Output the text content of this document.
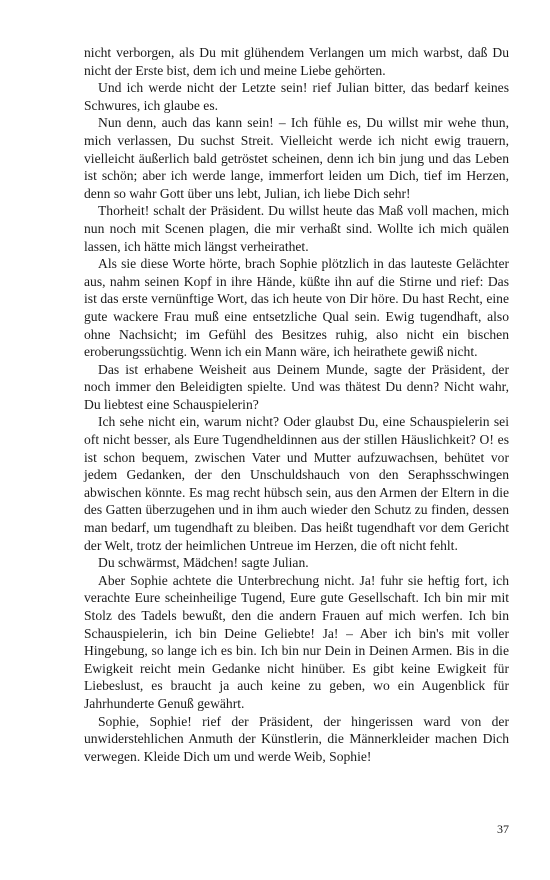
nicht verborgen, als Du mit glühendem Verlangen um mich warbst, daß Du nicht der Erste bist, dem ich und meine Liebe gehörten.

Und ich werde nicht der Letzte sein! rief Julian bitter, das bedarf keines Schwures, ich glaube es.

Nun denn, auch das kann sein! – Ich fühle es, Du willst mir wehe thun, mich verlassen, Du suchst Streit. Vielleicht werde ich nicht ewig trauern, vielleicht äußerlich bald getröstet scheinen, denn ich bin jung und das Leben ist schön; aber ich werde lange, immerfort leiden um Dich, tief im Herzen, denn so wahr Gott über uns lebt, Julian, ich liebe Dich sehr!

Thorheit! schalt der Präsident. Du willst heute das Maß voll machen, mich nun noch mit Scenen plagen, die mir verhaßt sind. Wollte ich mich quälen lassen, ich hätte mich längst verheirathet.

Als sie diese Worte hörte, brach Sophie plötzlich in das lauteste Gelächter aus, nahm seinen Kopf in ihre Hände, küßte ihn auf die Stirne und rief: Das ist das erste vernünftige Wort, das ich heute von Dir höre. Du hast Recht, eine gute wackere Frau muß eine entsetzliche Qual sein. Ewig tugendhaft, also ohne Nachsicht; im Gefühl des Besitzes ruhig, also nicht ein bischen eroberungssüchtig. Wenn ich ein Mann wäre, ich heirathete gewiß nicht.

Das ist erhabene Weisheit aus Deinem Munde, sagte der Präsident, der noch immer den Beleidigten spielte. Und was thätest Du denn? Nicht wahr, Du liebtest eine Schauspielerin?

Ich sehe nicht ein, warum nicht? Oder glaubst Du, eine Schauspielerin sei oft nicht besser, als Eure Tugendheldinnen aus der stillen Häuslichkeit? O! es ist schon bequem, zwischen Vater und Mutter aufzuwachsen, behütet vor jedem Gedanken, der den Unschuldshauch von den Seraphsschwingen abwischen könnte. Es mag recht hübsch sein, aus den Armen der Eltern in die des Gatten überzugehen und in ihm auch wieder den Schutz zu finden, dessen man bedarf, um tugendhaft zu bleiben. Das heißt tugendhaft vor dem Gericht der Welt, trotz der heimlichen Untreue im Herzen, die oft nicht fehlt.

Du schwärmst, Mädchen! sagte Julian.

Aber Sophie achtete die Unterbrechung nicht. Ja! fuhr sie heftig fort, ich verachte Eure scheinheilige Tugend, Eure gute Gesellschaft. Ich bin mir mit Stolz des Tadels bewußt, den die andern Frauen auf mich werfen. Ich bin Schauspielerin, ich bin Deine Geliebte! Ja! – Aber ich bin's mit voller Hingebung, so lange ich es bin. Ich bin nur Dein in Deinen Armen. Bis in die Ewigkeit reicht mein Gedanke nicht hinüber. Es gibt keine Ewigkeit für Liebeslust, es braucht ja auch keine zu geben, wo ein Augenblick für Jahrhunderte Genuß gewährt.

Sophie, Sophie! rief der Präsident, der hingerissen ward von der unwiderstehlichen Anmuth der Künstlerin, die Männerkleider machen Dich verwegen. Kleide Dich um und werde Weib, Sophie!

37
